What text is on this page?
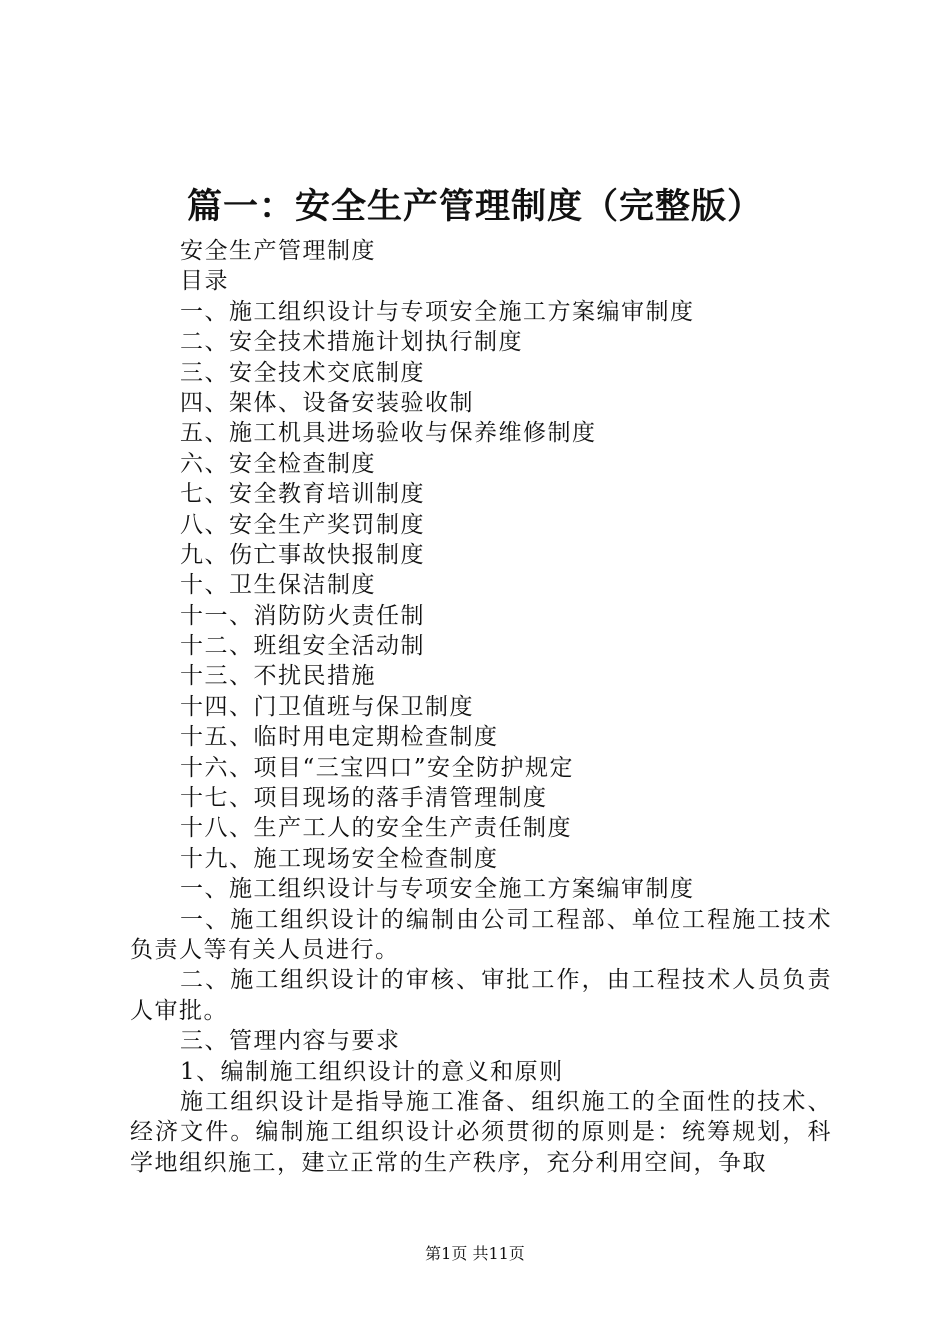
篇一：安全生产管理制度（完整版）
安全生产管理制度
目录
一、施工组织设计与专项安全施工方案编审制度
二、安全技术措施计划执行制度
三、安全技术交底制度
四、架体、设备安装验收制
五、施工机具进场验收与保养维修制度
六、安全检查制度
七、安全教育培训制度
八、安全生产奖罚制度
九、伤亡事故快报制度
十、卫生保洁制度
十一、消防防火责任制
十二、班组安全活动制
十三、不扰民措施
十四、门卫值班与保卫制度
十五、临时用电定期检查制度
十六、项目“三宝四口”安全防护规定
十七、项目现场的落手清管理制度
十八、生产工人的安全生产责任制度
十九、施工现场安全检查制度
一、施工组织设计与专项安全施工方案编审制度
一、施工组织设计的编制由公司工程部、单位工程施工技术负责人等有关人员进行。
二、施工组织设计的审核、审批工作，由工程技术人员负责人审批。
三、管理内容与要求
1、编制施工组织设计的意义和原则
施工组织设计是指导施工准备、组织施工的全面性的技术、经济文件。编制施工组织设计必须贯彻的原则是：统筹规划，科学地组织施工，建立正常的生产秩序，充分利用空间，争取
第1页 共11页
